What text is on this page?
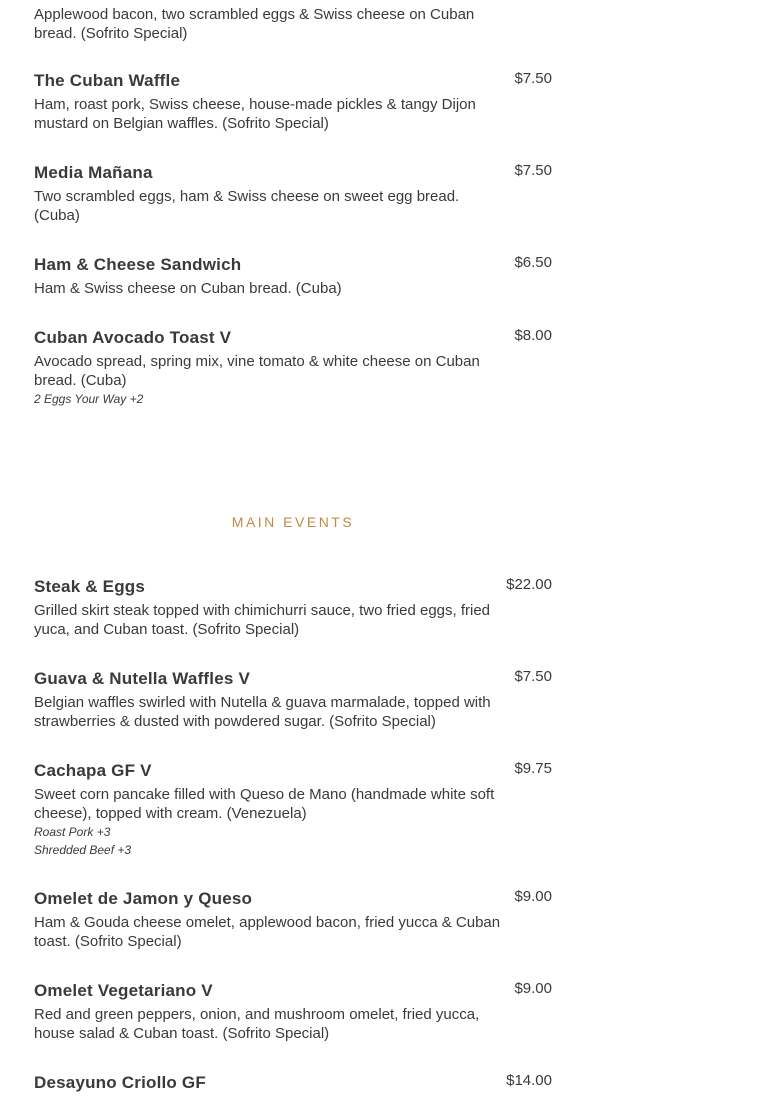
Applewood bacon, two scrambled eggs & Swiss cheese on Cuban bread. (Sofrito Special)
The Cuban Waffle	$7.50
Ham, roast pork, Swiss cheese, house-made pickles & tangy Dijon mustard on Belgian waffles. (Sofrito Special)
Media Mañana	$7.50
Two scrambled eggs, ham & Swiss cheese on sweet egg bread. (Cuba)
Ham & Cheese Sandwich	$6.50
Ham & Swiss cheese on Cuban bread. (Cuba)
Cuban Avocado Toast V	$8.00
Avocado spread, spring mix, vine tomato & white cheese on Cuban bread. (Cuba)
2 Eggs Your Way +2
MAIN EVENTS
Steak & Eggs	$22.00
Grilled skirt steak topped with chimichurri sauce, two fried eggs, fried yuca, and Cuban toast. (Sofrito Special)
Guava & Nutella Waffles V	$7.50
Belgian waffles swirled with Nutella & guava marmalade, topped with strawberries & dusted with powdered sugar. (Sofrito Special)
Cachapa GF V	$9.75
Sweet corn pancake filled with Queso de Mano (handmade white soft cheese), topped with cream. (Venezuela)
Roast Pork +3
Shredded Beef +3
Omelet de Jamon y Queso	$9.00
Ham & Gouda cheese omelet, applewood bacon, fried yucca & Cuban toast. (Sofrito Special)
Omelet Vegetariano V	$9.00
Red and green peppers, onion, and mushroom omelet, fried yucca, house salad & Cuban toast. (Sofrito Special)
Desayuno Criollo GF	$14.00
